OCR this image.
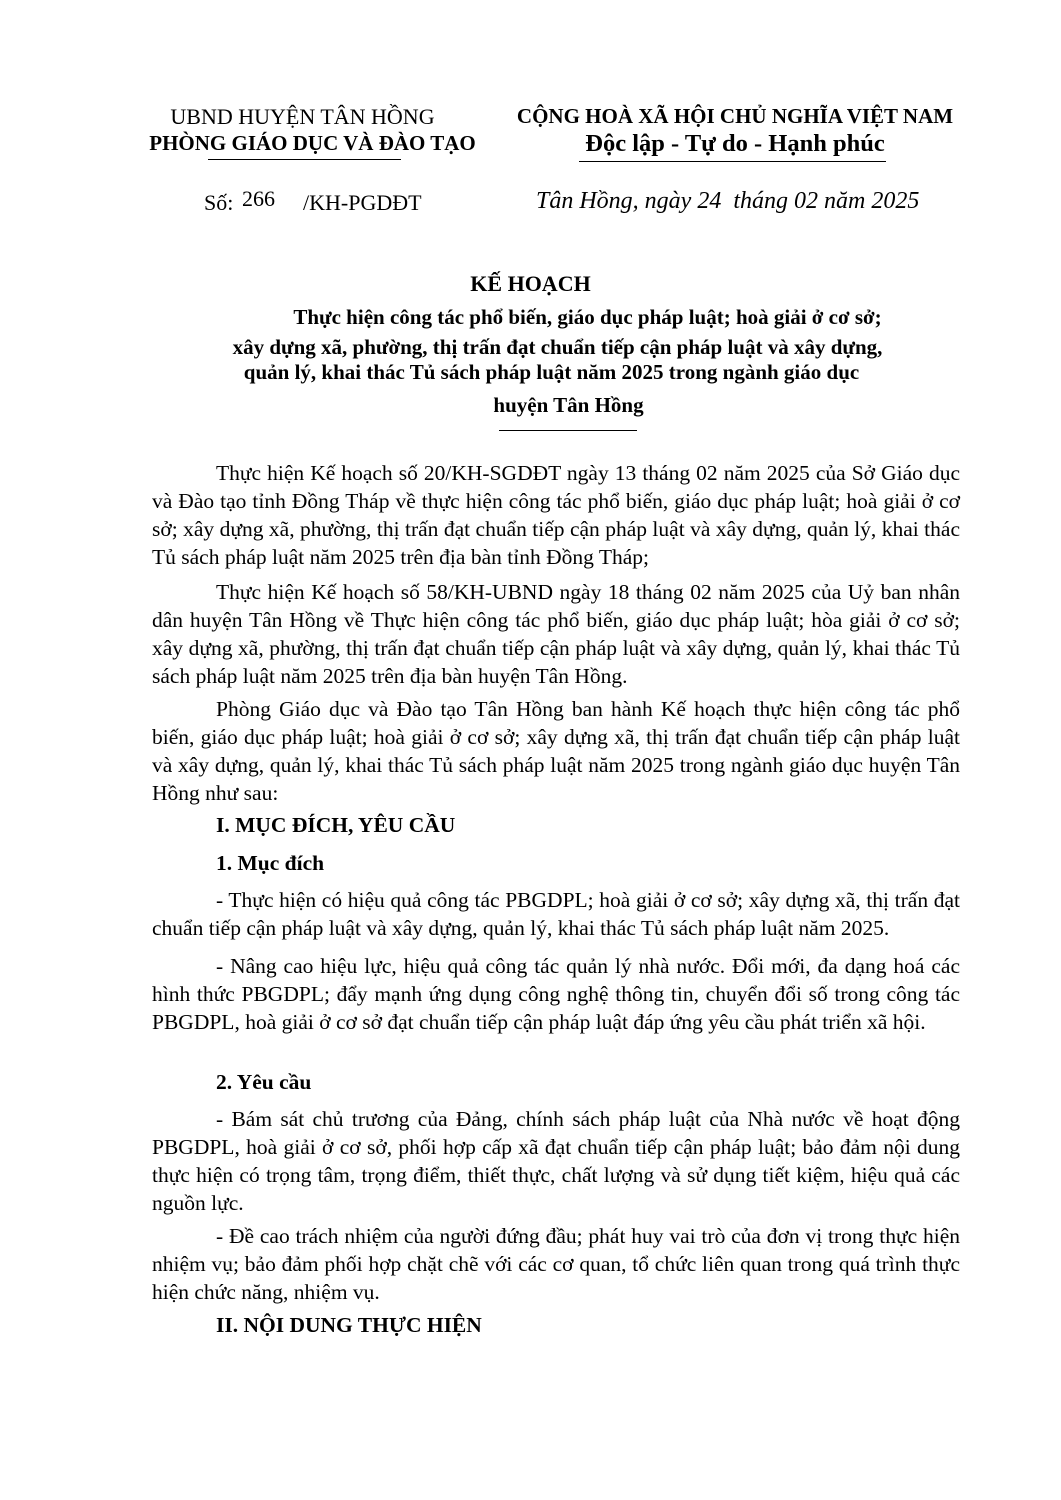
UBND HUYỆN TÂN HỒNG
PHÒNG GIÁO DỤC VÀ ĐÀO TẠO
CỘNG HOÀ XÃ HỘI CHỦ NGHĨA VIỆT NAM
Độc lập - Tự do - Hạnh phúc
Số: 266 /KH-PGDĐT	Tân Hồng, ngày 24  tháng 02 năm 2025
KẾ HOẠCH
Thực hiện công tác phổ biến, giáo dục pháp luật; hoà giải ở cơ sở;
xây dựng xã, phường, thị trấn đạt chuẩn tiếp cận pháp luật và xây dựng,
quản lý, khai thác Tủ sách pháp luật năm 2025 trong ngành giáo dục
huyện Tân Hồng

Thực hiện Kế hoạch số 20/KH-SGDĐT ngày 13 tháng 02 năm 2025 của Sở Giáo dục và Đào tạo tỉnh Đồng Tháp về thực hiện công tác phổ biến, giáo dục pháp luật; hoà giải ở cơ sở; xây dựng xã, phường, thị trấn đạt chuẩn tiếp cận pháp luật và xây dựng, quản lý, khai thác Tủ sách pháp luật năm 2025 trên địa bàn tỉnh Đồng Tháp;

Thực hiện Kế hoạch số 58/KH-UBND ngày 18 tháng 02 năm 2025 của Uỷ ban nhân dân huyện Tân Hồng về Thực hiện công tác phổ biến, giáo dục pháp luật; hòa giải ở cơ sở; xây dựng xã, phường, thị trấn đạt chuẩn tiếp cận pháp luật và xây dựng, quản lý, khai thác Tủ sách pháp luật năm 2025 trên địa bàn huyện Tân Hồng.

Phòng Giáo dục và Đào tạo Tân Hồng ban hành Kế hoạch thực hiện công tác phổ biến, giáo dục pháp luật; hoà giải ở cơ sở; xây dựng xã, thị trấn đạt chuẩn tiếp cận pháp luật và xây dựng, quản lý, khai thác Tủ sách pháp luật năm 2025 trong ngành giáo dục huyện Tân Hồng như sau:

I. MỤC ĐÍCH, YÊU CẦU
1. Mục đích

- Thực hiện có hiệu quả công tác PBGDPL; hoà giải ở cơ sở; xây dựng xã, thị trấn đạt chuẩn tiếp cận pháp luật và xây dựng, quản lý, khai thác Tủ sách pháp luật năm 2025.

- Nâng cao hiệu lực, hiệu quả công tác quản lý nhà nước. Đổi mới, đa dạng hoá các hình thức PBGDPL; đẩy mạnh ứng dụng công nghệ thông tin, chuyển đổi số trong công tác PBGDPL, hoà giải ở cơ sở đạt chuẩn tiếp cận pháp luật đáp ứng yêu cầu phát triển xã hội.

2. Yêu cầu

- Bám sát chủ trương của Đảng, chính sách pháp luật của Nhà nước về hoạt động PBGDPL, hoà giải ở cơ sở, phối hợp cấp xã đạt chuẩn tiếp cận pháp luật; bảo đảm nội dung thực hiện có trọng tâm, trọng điểm, thiết thực, chất lượng và sử dụng tiết kiệm, hiệu quả các nguồn lực.

- Đề cao trách nhiệm của người đứng đầu; phát huy vai trò của đơn vị trong thực hiện nhiệm vụ; bảo đảm phối hợp chặt chẽ với các cơ quan, tổ chức liên quan trong quá trình thực hiện chức năng, nhiệm vụ.

II. NỘI DUNG THỰC HIỆN
